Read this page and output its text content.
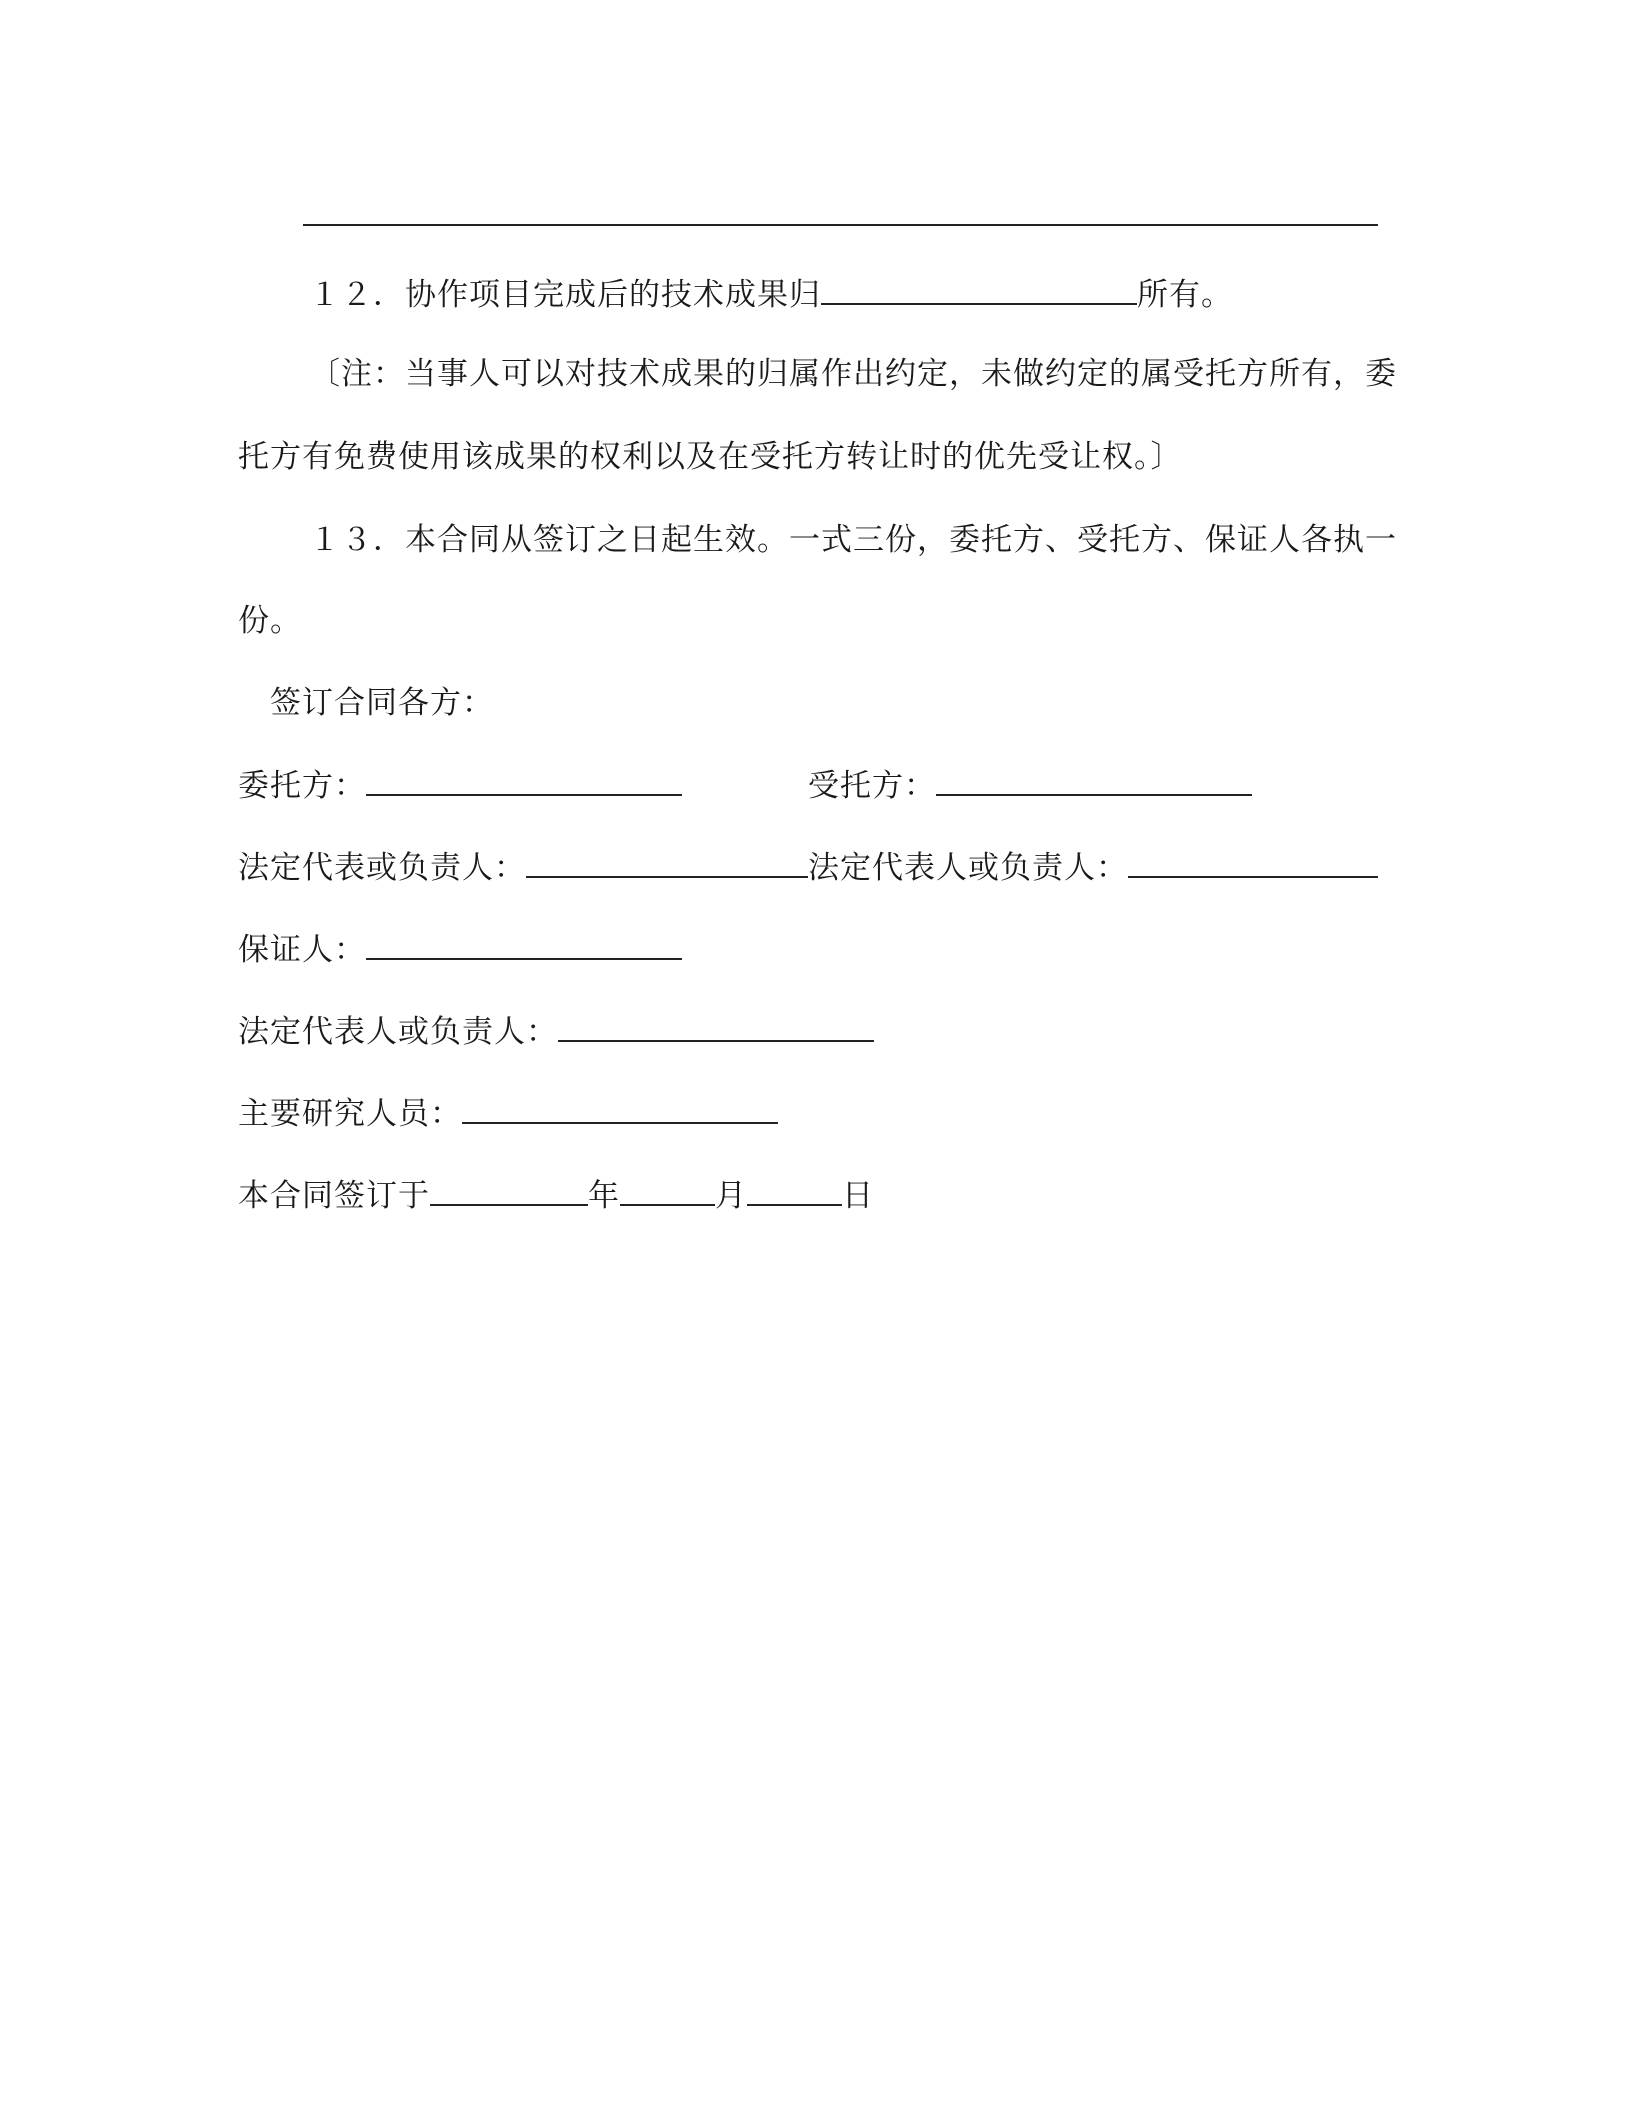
１２．协作项目完成后的技术成果归	所有。
〔注：当事人可以对技术成果的归属作出约定，未做约定的属受托方所有，委
托方有免费使用该成果的权利以及在受托方转让时的优先受让权。〕
１３．本合同从签订之日起生效。一式三份，委托方、受托方、保证人各执一
份。
签订合同各方：
委托方：	受托方：
法定代表或负责人：	法定代表人或负责人：
保证人：
法定代表人或负责人：
主要研究人员：
本合同签订于	年	月	日
